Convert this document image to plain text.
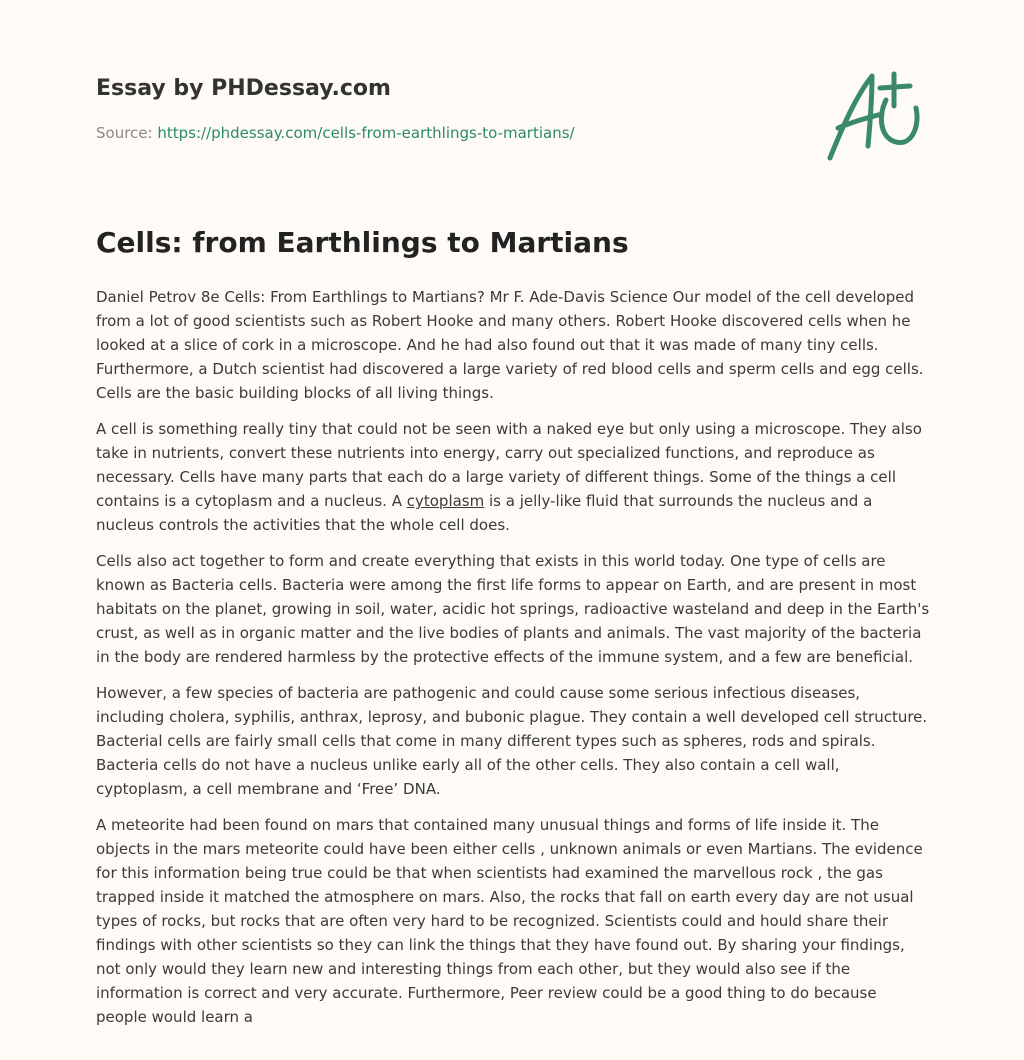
Essay by PHDessay.com
Source: https://phdessay.com/cells-from-earthlings-to-martians/
Cells: from Earthlings to Martians

Daniel Petrov 8e Cells: From Earthlings to Martians? Mr F. Ade-Davis Science Our model of the cell developed from a lot of good scientists such as Robert Hooke and many others. Robert Hooke discovered cells when he looked at a slice of cork in a microscope. And he had also found out that it was made of many tiny cells. Furthermore, a Dutch scientist had discovered a large variety of red blood cells and sperm cells and egg cells. Cells are the basic building blocks of all living things.

A cell is something really tiny that could not be seen with a naked eye but only using a microscope. They also take in nutrients, convert these nutrients into energy, carry out specialized functions, and reproduce as necessary. Cells have many parts that each do a large variety of different things. Some of the things a cell contains is a cytoplasm and a nucleus. A cytoplasm is a jelly-like fluid that surrounds the nucleus and a nucleus controls the activities that the whole cell does.

Cells also act together to form and create everything that exists in this world today. One type of cells are known as Bacteria cells. Bacteria were among the first life forms to appear on Earth, and are present in most habitats on the planet, growing in soil, water, acidic hot springs, radioactive wasteland and deep in the Earth's crust, as well as in organic matter and the live bodies of plants and animals. The vast majority of the bacteria in the body are rendered harmless by the protective effects of the immune system, and a few are beneficial.

However, a few species of bacteria are pathogenic and could cause some serious infectious diseases, including cholera, syphilis, anthrax, leprosy, and bubonic plague. They contain a well developed cell structure. Bacterial cells are fairly small cells that come in many different types such as spheres, rods and spirals. Bacteria cells do not have a nucleus unlike early all of the other cells. They also contain a cell wall, cyptoplasm, a cell membrane and ‘Free’ DNA.

A meteorite had been found on mars that contained many unusual things and forms of life inside it. The objects in the mars meteorite could have been either cells , unknown animals or even Martians. The evidence for this information being true could be that when scientists had examined the marvellous rock , the gas trapped inside it matched the atmosphere on mars. Also, the rocks that fall on earth every day are not usual types of rocks, but rocks that are often very hard to be recognized. Scientists could and hould share their findings with other scientists so they can link the things that they have found out. By sharing your findings, not only would they learn new and interesting things from each other, but they would also see if the information is correct and very accurate. Furthermore, Peer review could be a good thing to do because people would learn a
